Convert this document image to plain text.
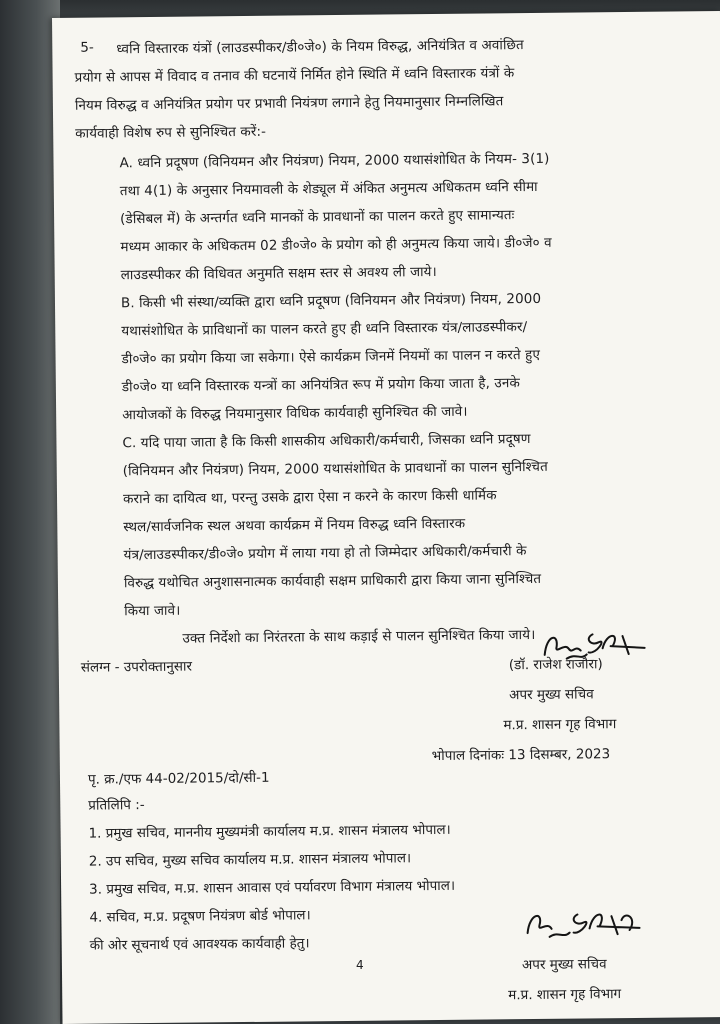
5- ध्वनि विस्तारक यंत्रों (लाउडस्पीकर/डी०जे०) के नियम विरुद्ध, अनियंत्रित व अवांछित
प्रयोग से आपस में विवाद व तनाव की घटनायें निर्मित होने स्थिति में ध्वनि विस्तारक यंत्रों के
नियम विरुद्ध व अनियंत्रित प्रयोग पर प्रभावी नियंत्रण लगाने हेतु नियमानुसार निम्नलिखित
कार्यवाही विशेष रुप से सुनिश्चित करें:-
A. ध्वनि प्रदूषण (विनियमन और नियंत्रण) नियम, 2000 यथासंशोधित के नियम- 3(1)
तथा 4(1) के अनुसार नियमावली के शेड्यूल में अंकित अनुमत्य अधिकतम ध्वनि सीमा
(डेसिबल में) के अन्तर्गत ध्वनि मानकों के प्रावधानों का पालन करते हुए सामान्यतः
मध्यम आकार के अधिकतम 02 डी०जे० के प्रयोग को ही अनुमत्य किया जाये। डी०जे० व
लाउडस्पीकर की विधिवत अनुमति सक्षम स्तर से अवश्य ली जाये।
B. किसी भी संस्था/व्यक्ति द्वारा ध्वनि प्रदूषण (विनियमन और नियंत्रण) नियम, 2000
यथासंशोधित के प्राविधानों का पालन करते हुए ही ध्वनि विस्तारक यंत्र/लाउडस्पीकर/
डी०जे० का प्रयोग किया जा सकेगा। ऐसे कार्यक्रम जिनमें नियमों का पालन न करते हुए
डी०जे० या ध्वनि विस्तारक यन्त्रों का अनियंत्रित रूप में प्रयोग किया जाता है, उनके
आयोजकों के विरुद्ध नियमानुसार विधिक कार्यवाही सुनिश्चित की जावे।
C. यदि पाया जाता है कि किसी शासकीय अधिकारी/कर्मचारी, जिसका ध्वनि प्रदूषण
(विनियमन और नियंत्रण) नियम, 2000 यथासंशोधित के प्रावधानों का पालन सुनिश्चित
कराने का दायित्व था, परन्तु उसके द्वारा ऐसा न करने के कारण किसी धार्मिक
स्थल/सार्वजनिक स्थल अथवा कार्यक्रम में नियम विरुद्ध ध्वनि विस्तारक
यंत्र/लाउडस्पीकर/डी०जे० प्रयोग में लाया गया हो तो जिम्मेदार अधिकारी/कर्मचारी के
विरुद्ध यथोचित अनुशासनात्मक कार्यवाही सक्षम प्राधिकारी द्वारा किया जाना सुनिश्चित
किया जावे।
उक्त निर्देशो का निरंतरता के साथ कड़ाई से पालन सुनिश्चित किया जाये।
संलग्न - उपरोक्तानुसार	(डॉ. राजेश राजौरा)
अपर मुख्य सचिव
म.प्र. शासन गृह विभाग
भोपाल दिनांकः 13 दिसम्बर, 2023
पृ. क्र./एफ 44-02/2015/दो/सी-1
प्रतिलिपि :-
1. प्रमुख सचिव, माननीय मुख्यमंत्री कार्यालय म.प्र. शासन मंत्रालय भोपाल।
2. उप सचिव, मुख्य सचिव कार्यालय म.प्र. शासन मंत्रालय भोपाल।
3. प्रमुख सचिव, म.प्र. शासन आवास एवं पर्यावरण विभाग मंत्रालय भोपाल।
4. सचिव, म.प्र. प्रदूषण नियंत्रण बोर्ड भोपाल।
की ओर सूचनार्थ एवं आवश्यक कार्यवाही हेतु।
अपर मुख्य सचिव
म.प्र. शासन गृह विभाग
4
